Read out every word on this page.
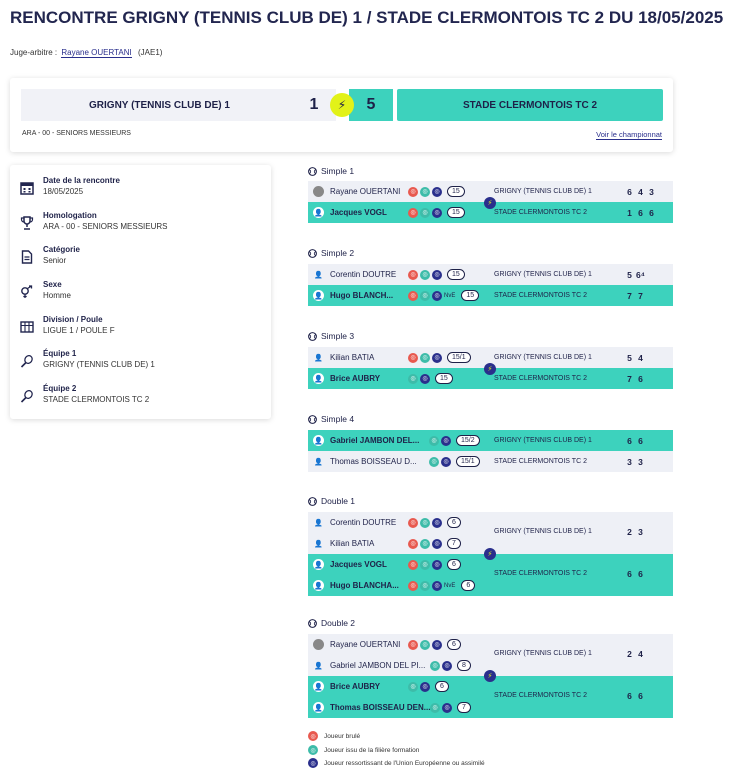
RENCONTRE GRIGNY (TENNIS CLUB DE) 1 / STADE CLERMONTOIS TC 2 DU 18/05/2025
Juge-arbitre : Rayane OUERTANI (JAE1)
GRIGNY (TENNIS CLUB DE) 1	1	⚡	5	STADE CLERMONTOIS TC 2
ARA - 00 - SENIORS MESSIEURS	Voir le championnat
Date de la rencontre
18/05/2025
Homologation
ARA - 00 - SENIORS MESSIEURS
Catégorie
Senior
Sexe
Homme
Division / Poule
LIGUE 1 / POULE F
Équipe 1
GRIGNY (TENNIS CLUB DE) 1
Équipe 2
STADE CLERMONTOIS TC 2
Simple 1
Rayane OUERTANI	◎	◎	◎	15	GRIGNY (TENNIS CLUB DE) 1	6 4 3
⚡
👤 Jacques VOGL	◎	◎	◎	15	STADE CLERMONTOIS TC 2	1 6 6
Simple 2
👤 Corentin DOUTRE	◎	◎	◎	15	GRIGNY (TENNIS CLUB DE) 1	5 6⁴
👤 Hugo BLANCH...	◎	◎	◎ NvE	15	STADE CLERMONTOIS TC 2	7 7
Simple 3
👤 Kilian BATIA	◎	◎	◎	15/1	GRIGNY (TENNIS CLUB DE) 1	5 4
⚡
👤 Brice AUBRY	◎	◎	15	STADE CLERMONTOIS TC 2	7 6
Simple 4
👤 Gabriel JAMBON DEL...	◎	◎	15/2	GRIGNY (TENNIS CLUB DE) 1	6 6
👤 Thomas BOISSEAU D...	◎	◎	15/1	STADE CLERMONTOIS TC 2	3 3
Double 1
👤 Corentin DOUTRE	◎	◎	◎	6
👤 Kilian BATIA	◎	◎	◎	7
GRIGNY (TENNIS CLUB DE) 1	2 3
⚡
👤 Jacques VOGL	◎	◎	◎	6
👤 Hugo BLANCHA...	◎	◎	◎ NvE	6
STADE CLERMONTOIS TC 2	6 6
Double 2
Rayane OUERTANI	◎	◎	◎	6
👤 Gabriel JAMBON DEL PI...	◎	◎	8
GRIGNY (TENNIS CLUB DE) 1	2 4
⚡
👤 Brice AUBRY	◎	◎	6
👤 Thomas BOISSEAU DEN... ◎	◎	7
STADE CLERMONTOIS TC 2	6 6
◎	Joueur brulé
◎	Joueur issu de la filière formation
◎	Joueur ressortissant de l'Union Européenne ou assimilé
